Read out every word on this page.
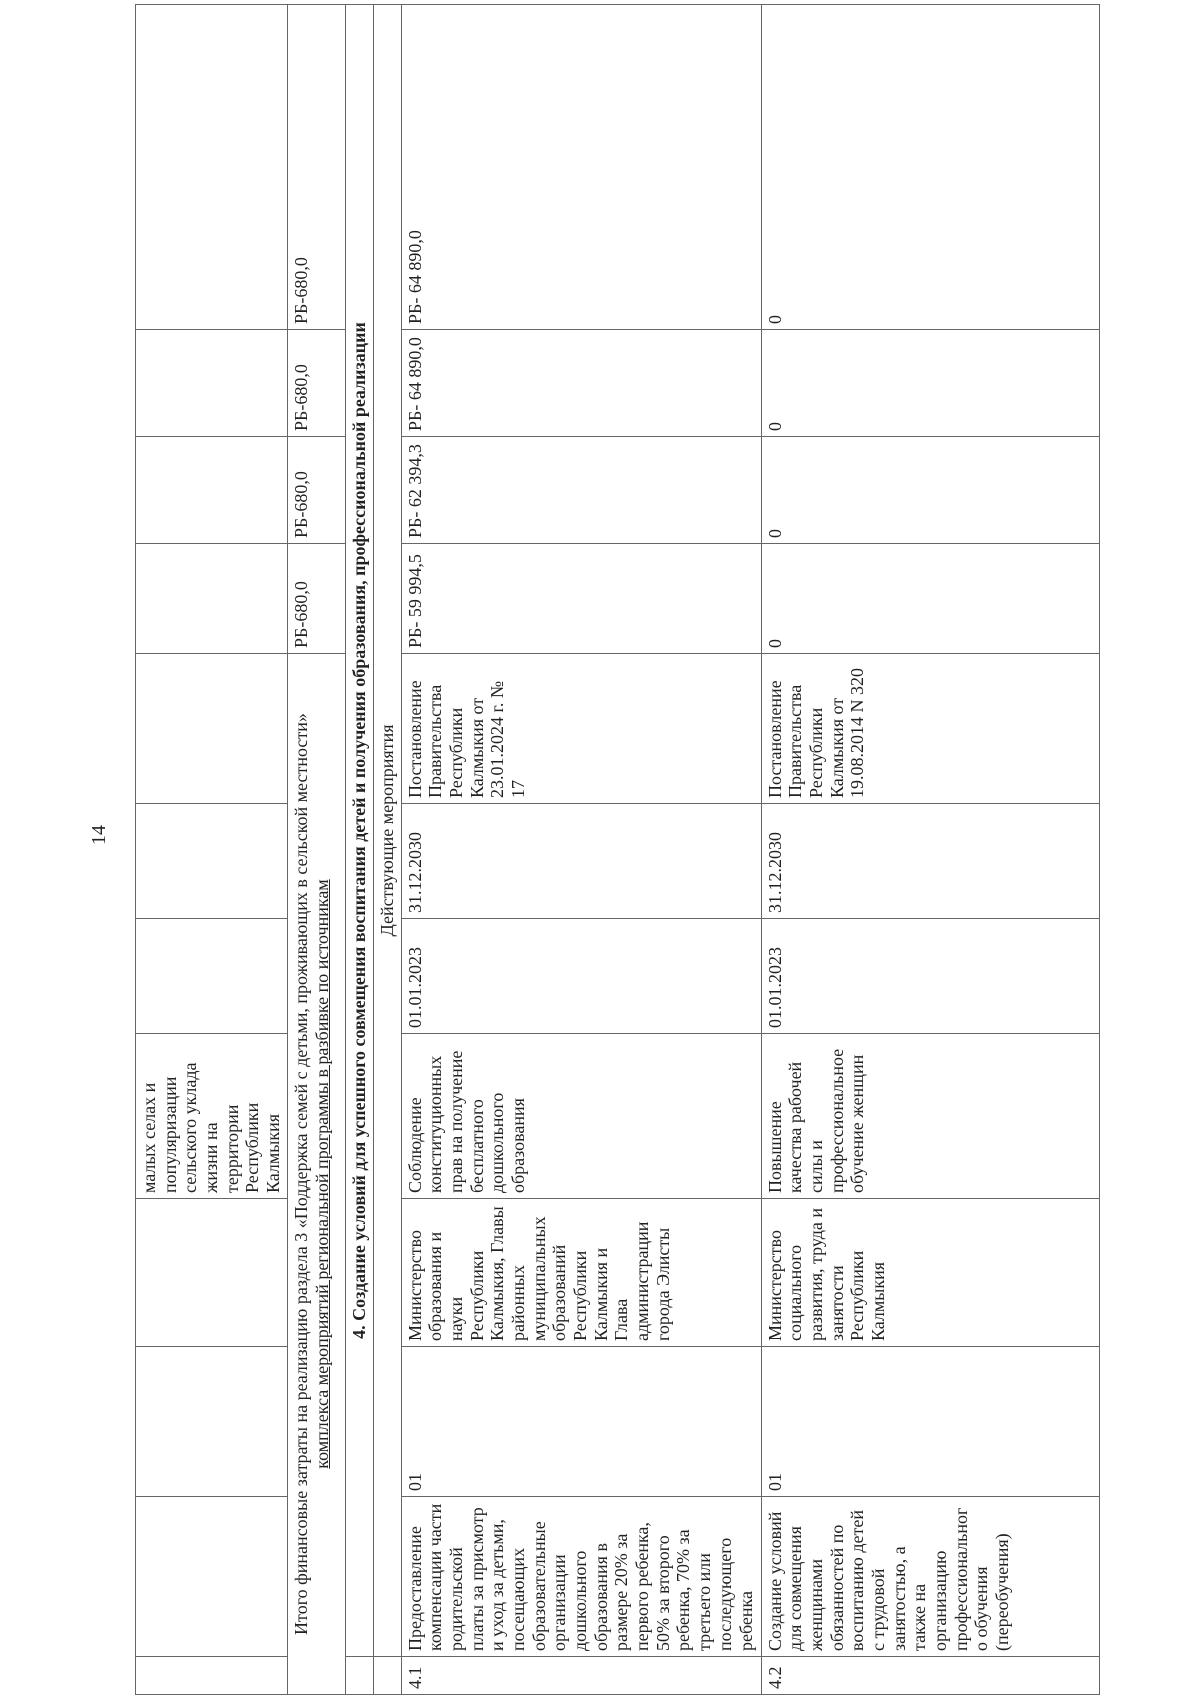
14
				малых селах и популяризации сельского уклада жизни на территории Республики Калмыкия							

Итого финансовые затраты на реализацию раздела 3 «Поддержка семей с детьми, проживающих в сельской местности» комплекса мероприятий региональной программы в разбивке по источникам								РБ-680,0	РБ-680,0	РБ-680,0	РБ-680,0
	4. Создание условий для успешного совмещения воспитания детей и получения образования, профессиональной реализации										
	Действующие мероприятия										
4.1	Предоставление компенсации части родительской платы за присмотр и уход за детьми, посещающих образовательные организации дошкольного образования в размере 20% за первого ребенка, 50% за второго ребенка, 70% за третьего или последующего ребенка	01	Министерство образования и науки Республики Калмыкия, Главы районных муниципальных образований Республики Калмыкия и Глава администрации города Элисты	Соблюдение конституционных прав на получение бесплатного дошкольного образования	01.01.2023	31.12.2030	Постановление Правительства Республики Калмыкия от 23.01.2024 г. № 17	РБ- 59 994,5	РБ- 62 394,3	РБ- 64 890,0	РБ- 64 890,0
4.2	Создание условий для совмещения женщинами обязанностей по воспитанию детей с трудовой занятостью, а также на организацию профессиональног о обучения (переобучения)	01	Министерство социального развития, труда и занятости Республики Калмыкия	Повышение качества рабочей силы и профессиональное обучение женщин	01.01.2023	31.12.2030	Постановление Правительства Республики Калмыкия от 19.08.2014 N 320	0	0	0	0
